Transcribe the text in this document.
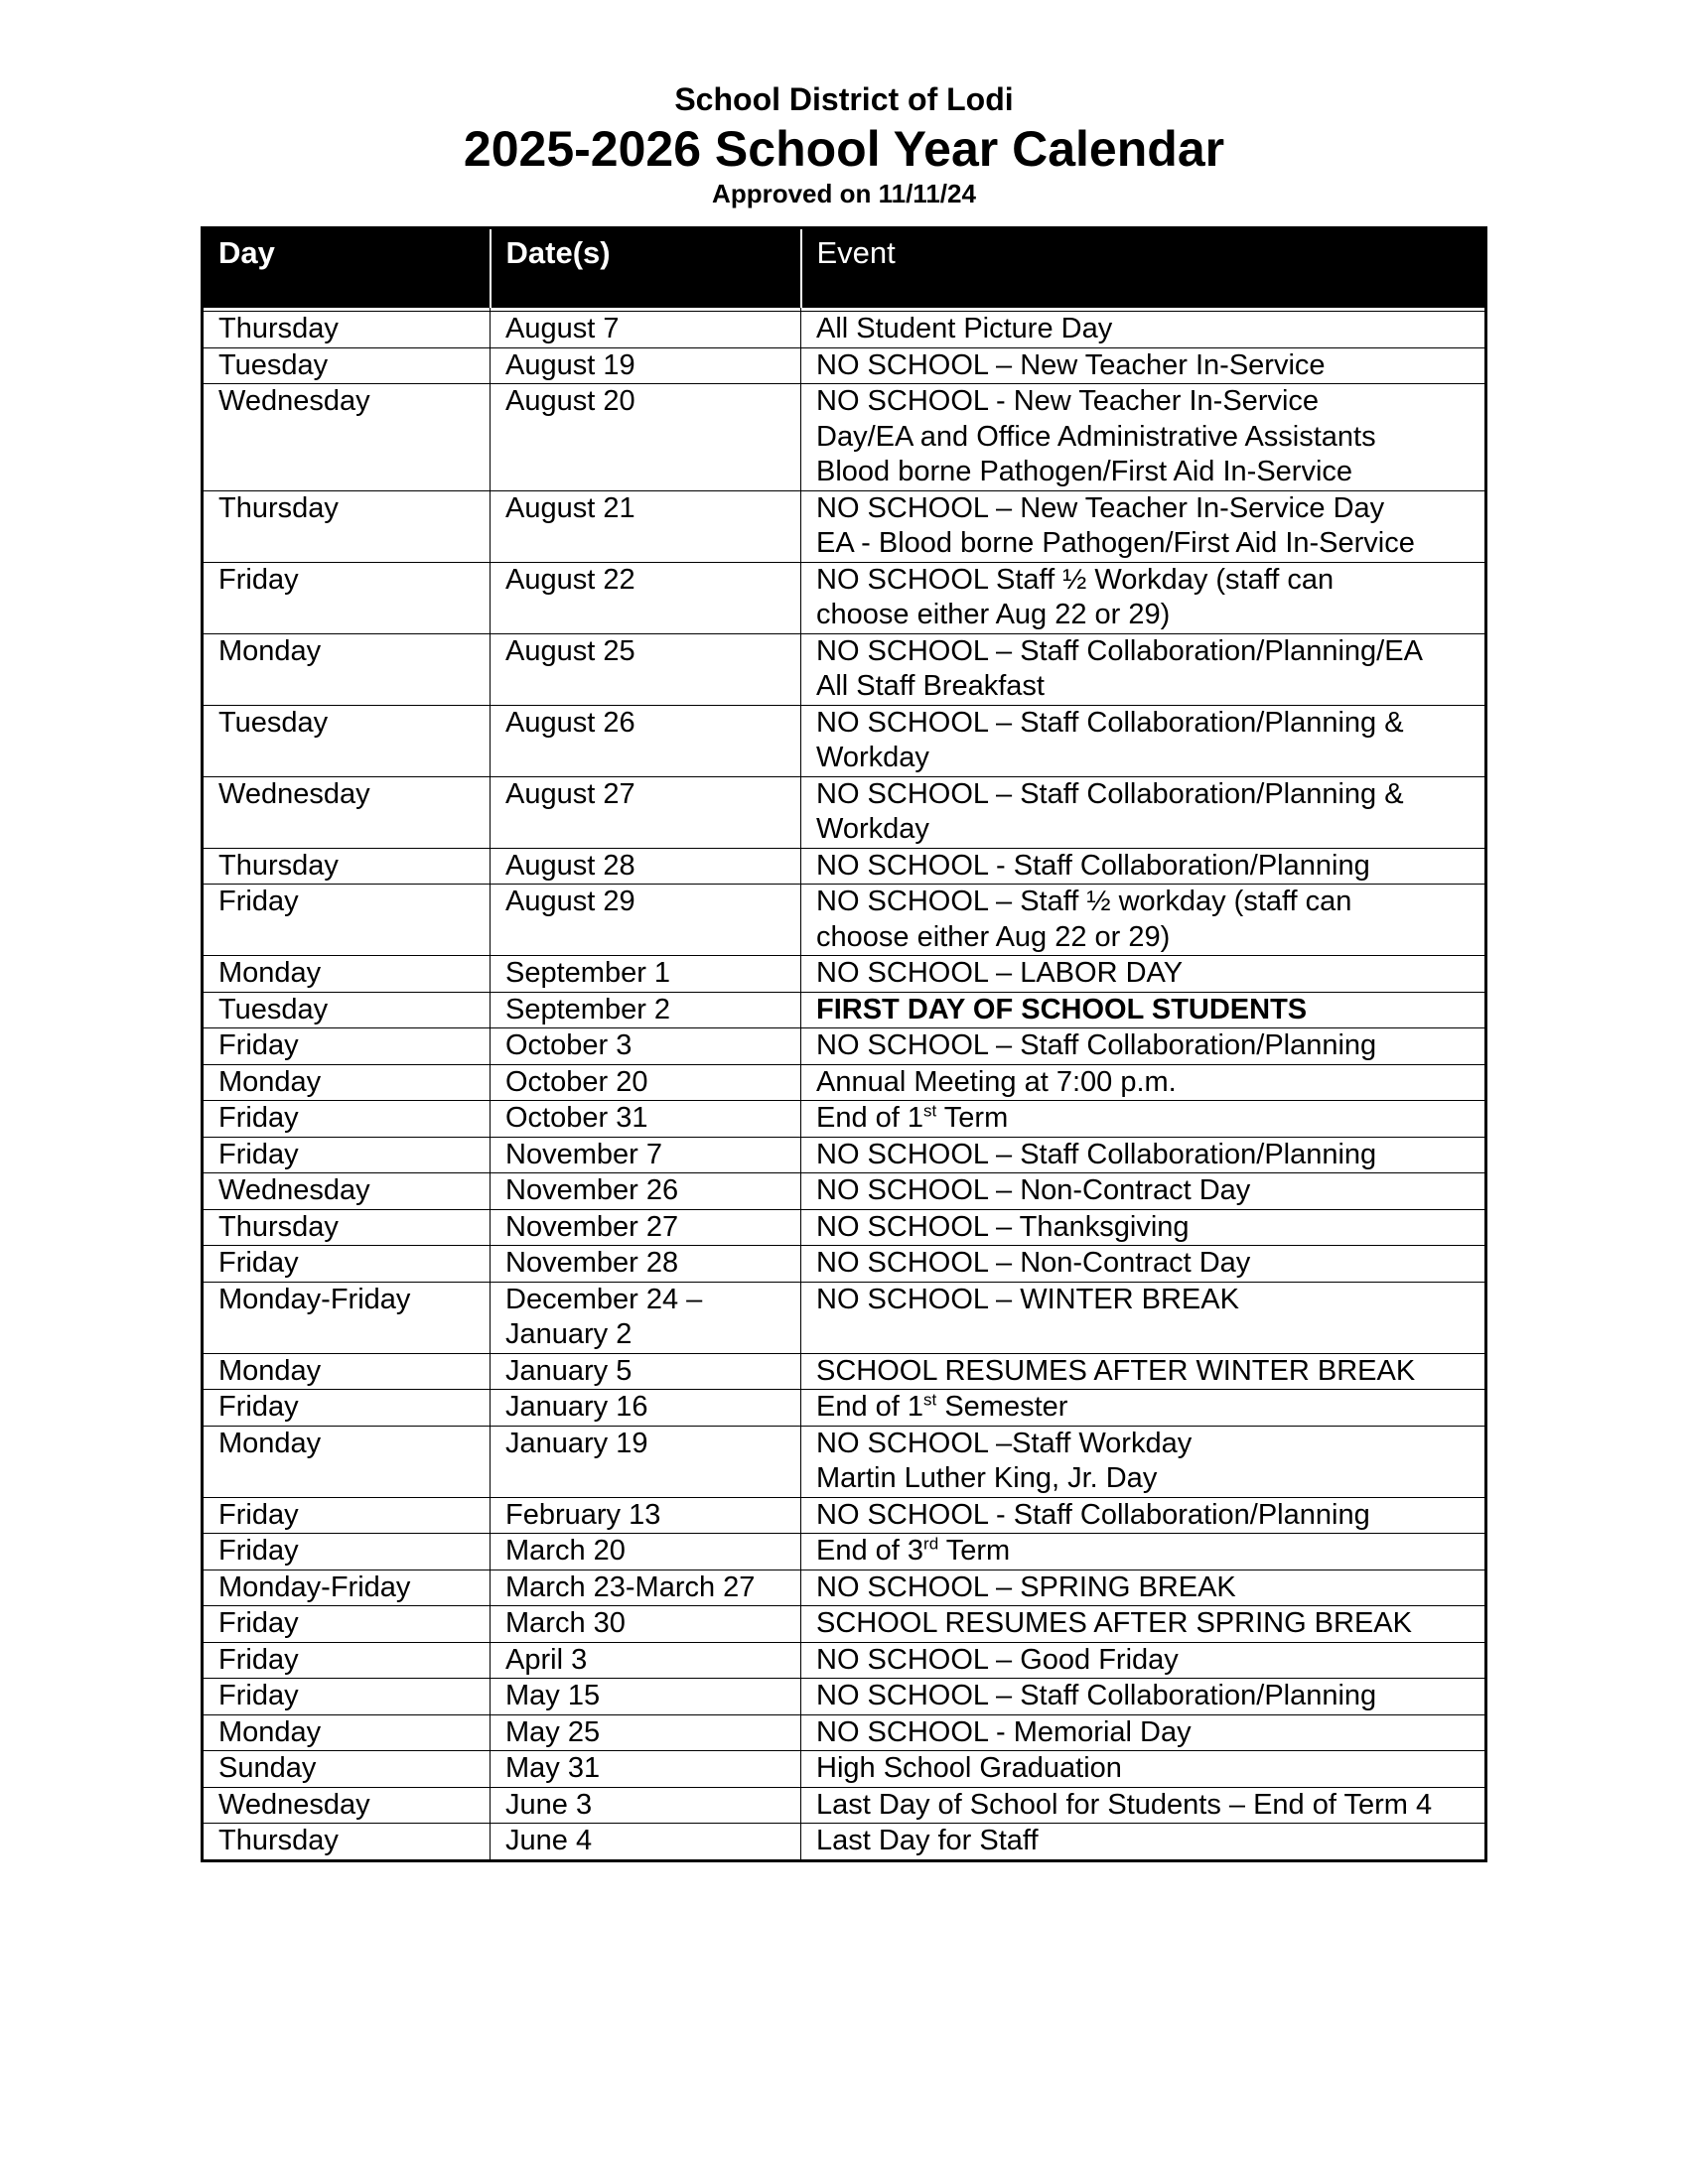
School District of Lodi
2025-2026 School Year Calendar
Approved on 11/11/24
Day	Date(s)	Event

Thursday	August 7	All Student Picture Day
Tuesday	August 19	NO SCHOOL – New Teacher In-Service
Wednesday	August 20	NO SCHOOL - New Teacher In-Service
Day/EA and Office Administrative Assistants
Blood borne Pathogen/First Aid In-Service
Thursday	August 21	NO SCHOOL – New Teacher In-Service Day
EA - Blood borne Pathogen/First Aid In-Service
Friday	August 22	NO SCHOOL Staff ½ Workday (staff can
choose either Aug 22 or 29)
Monday	August 25	NO SCHOOL – Staff Collaboration/Planning/EA
All Staff Breakfast
Tuesday	August 26	NO SCHOOL – Staff Collaboration/Planning &
Workday
Wednesday	August 27	NO SCHOOL – Staff Collaboration/Planning &
Workday
Thursday	August 28	NO SCHOOL - Staff Collaboration/Planning
Friday	August 29	NO SCHOOL – Staff ½ workday (staff can
choose either Aug 22 or 29)
Monday	September 1	NO SCHOOL – LABOR DAY
Tuesday	September 2	FIRST DAY OF SCHOOL STUDENTS
Friday	October 3	NO SCHOOL – Staff Collaboration/Planning
Monday	October 20	Annual Meeting at 7:00 p.m.
Friday	October 31	End of 1st Term
Friday	November 7	NO SCHOOL – Staff Collaboration/Planning
Wednesday	November 26	NO SCHOOL – Non-Contract Day
Thursday	November 27	NO SCHOOL – Thanksgiving
Friday	November 28	NO SCHOOL – Non-Contract Day
Monday-Friday	December 24 –
January 2	NO SCHOOL – WINTER BREAK
Monday	January 5	SCHOOL RESUMES AFTER WINTER BREAK
Friday	January 16	End of 1st Semester
Monday	January 19	NO SCHOOL –Staff Workday
Martin Luther King, Jr. Day
Friday	February 13	NO SCHOOL - Staff Collaboration/Planning
Friday	March 20	End of 3rd Term
Monday-Friday	March 23-March 27	NO SCHOOL – SPRING BREAK
Friday	March 30	SCHOOL RESUMES AFTER SPRING BREAK
Friday	April 3	NO SCHOOL – Good Friday
Friday	May 15	NO SCHOOL – Staff Collaboration/Planning
Monday	May 25	NO SCHOOL - Memorial Day
Sunday	May 31	High School Graduation
Wednesday	June 3	Last Day of School for Students – End of Term 4
Thursday	June 4	Last Day for Staff
